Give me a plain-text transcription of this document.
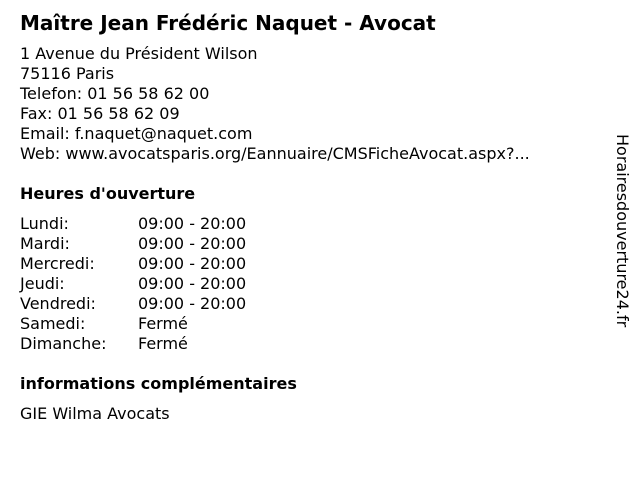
Maître Jean Frédéric Naquet - Avocat
1 Avenue du Président Wilson
75116 Paris
Telefon: 01 56 58 62 00
Fax: 01 56 58 62 09
Email: f.naquet@naquet.com
Web: www.avocatsparis.org/Eannuaire/CMSFicheAvocat.aspx?...
Heures d'ouverture
Lundi:	09:00 - 20:00
Mardi:	09:00 - 20:00
Mercredi:	09:00 - 20:00
Jeudi:	09:00 - 20:00
Vendredi:	09:00 - 20:00
Samedi:	Fermé
Dimanche:	Fermé
informations complémentaires
GIE Wilma Avocats
Horairesdouverture24.fr
